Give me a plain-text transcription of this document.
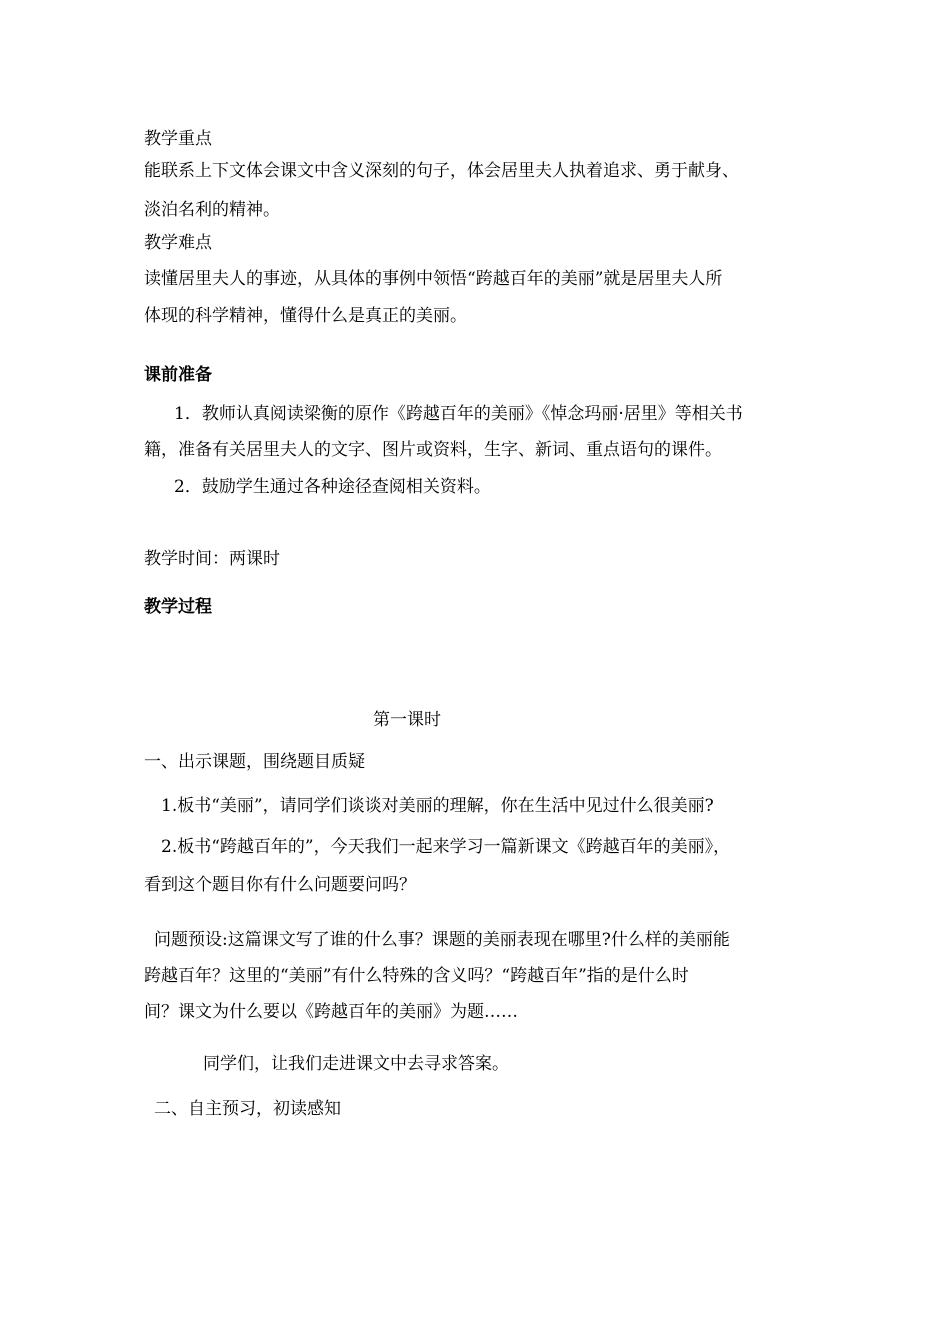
教学重点
能联系上下文体会课文中含义深刻的句子，体会居里夫人执着追求、勇于献身、
淡泊名利的精神。
教学难点
读懂居里夫人的事迹，从具体的事例中领悟“跨越百年的美丽”就是居里夫人所
体现的科学精神，懂得什么是真正的美丽。
课前准备
1．教师认真阅读梁衡的原作《跨越百年的美丽》《悼念玛丽·居里》等相关书
籍，准备有关居里夫人的文字、图片或资料，生字、新词、重点语句的课件。
2．鼓励学生通过各种途径查阅相关资料。
教学时间：两课时
教学过程
第一课时
一、出示课题，围绕题目质疑
1.板书“美丽”，请同学们谈谈对美丽的理解，你在生活中见过什么很美丽?
2.板书“跨越百年的”，今天我们一起来学习一篇新课文《跨越百年的美丽》，
看到这个题目你有什么问题要问吗？
问题预设:这篇课文写了谁的什么事？课题的美丽表现在哪里?什么样的美丽能
跨越百年？这里的“美丽”有什么特殊的含义吗？“跨越百年”指的是什么时
间？课文为什么要以《跨越百年的美丽》为题……
同学们，让我们走进课文中去寻求答案。
二、自主预习，初读感知
